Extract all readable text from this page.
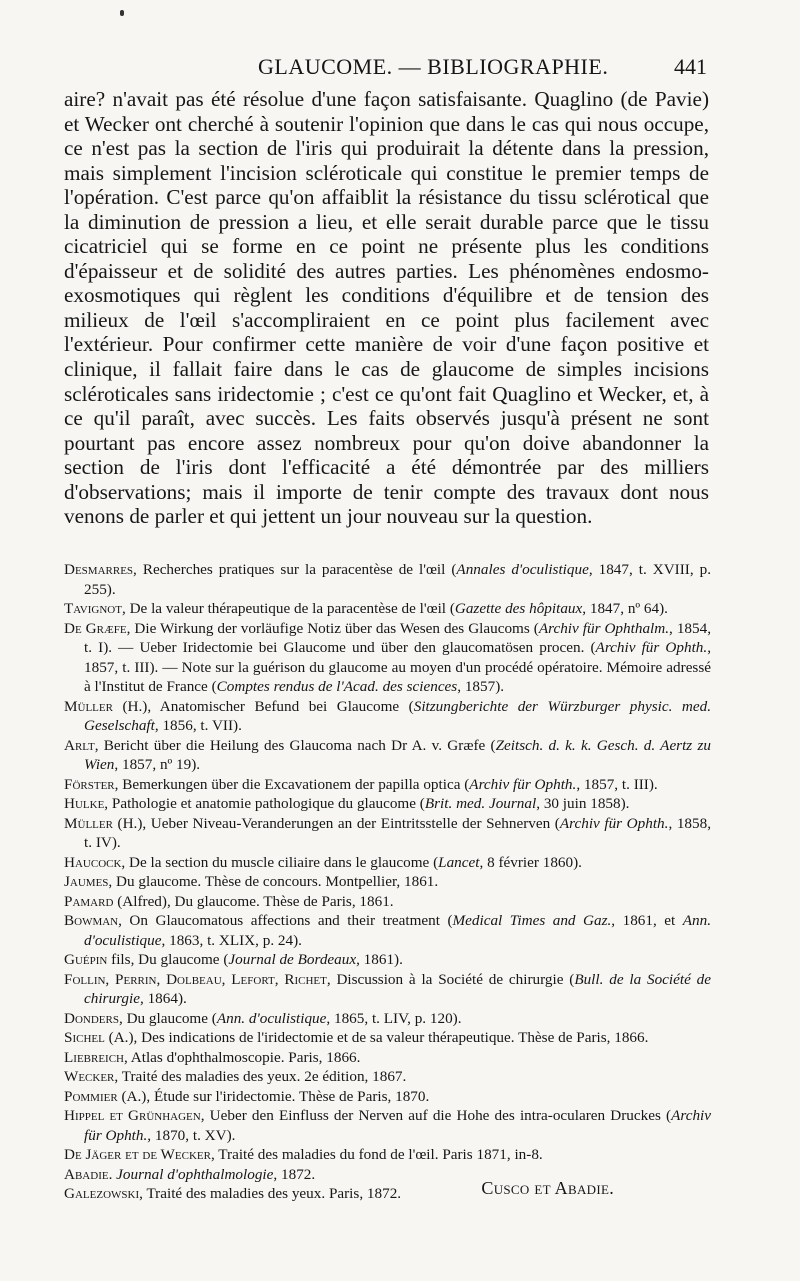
GLAUCOME. — BIBLIOGRAPHIE.	441

aire? n'avait pas été résolue d'une façon satisfaisante. Quaglino (de Pavie) et Wecker ont cherché à soutenir l'opinion que dans le cas qui nous occupe, ce n'est pas la section de l'iris qui produirait la détente dans la pression, mais simplement l'incision scléroticale qui constitue le premier temps de l'opération. C'est parce qu'on affaiblit la résistance du tissu sclérotical que la diminution de pression a lieu, et elle serait durable parce que le tissu cicatriciel qui se forme en ce point ne présente plus les conditions d'épaisseur et de solidité des autres parties. Les phénomènes endosmo-exosmotiques qui règlent les conditions d'équilibre et de tension des milieux de l'œil s'accompliraient en ce point plus facilement avec l'extérieur. Pour confirmer cette manière de voir d'une façon positive et clinique, il fallait faire dans le cas de glaucome de simples incisions scléroticales sans iridectomie ; c'est ce qu'ont fait Quaglino et Wecker, et, à ce qu'il paraît, avec succès. Les faits observés jusqu'à présent ne sont pourtant pas encore assez nombreux pour qu'on doive abandonner la section de l'iris dont l'efficacité a été démontrée par des milliers d'observations; mais il importe de tenir compte des travaux dont nous venons de parler et qui jettent un jour nouveau sur la question.

Desmarres, Recherches pratiques sur la paracentèse de l'œil (Annales d'oculistique, 1847, t. XVIII, p. 255).
Tavignot, De la valeur thérapeutique de la paracentèse de l'œil (Gazette des hôpitaux, 1847, nº 64).
De Græfe, Die Wirkung der vorläufige Notiz über das Wesen des Glaucoms (Archiv für Ophthalm., 1854, t. I). — Ueber Iridectomie bei Glaucome und über den glaucomatösen procen. (Archiv für Ophth., 1857, t. III). — Note sur la guérison du glaucome au moyen d'un procédé opératoire. Mémoire adressé à l'Institut de France (Comptes rendus de l'Acad. des sciences, 1857).
Müller (H.), Anatomischer Befund bei Glaucome (Sitzungberichte der Würzburger physic. med. Geselschaft, 1856, t. VII).
Arlt, Bericht über die Heilung des Glaucoma nach Dr A. v. Græfe (Zeitsch. d. k. k. Gesch. d. Aertz zu Wien, 1857, nº 19).
Förster, Bemerkungen über die Excavationem der papilla optica (Archiv für Ophth., 1857, t. III).
Hulke, Pathologie et anatomie pathologique du glaucome (Brit. med. Journal, 30 juin 1858).
Müller (H.), Ueber Niveau-Veranderungen an der Eintritsstelle der Sehnerven (Archiv für Ophth., 1858, t. IV).
Haucock, De la section du muscle ciliaire dans le glaucome (Lancet, 8 février 1860).
Jaumes, Du glaucome. Thèse de concours. Montpellier, 1861.
Pamard (Alfred), Du glaucome. Thèse de Paris, 1861.
Bowman, On Glaucomatous affections and their treatment (Medical Times and Gaz., 1861, et Ann. d'oculistique, 1863, t. XLIX, p. 24).
Guépin fils, Du glaucome (Journal de Bordeaux, 1861).
Follin, Perrin, Dolbeau, Lefort, Richet, Discussion à la Société de chirurgie (Bull. de la Société de chirurgie, 1864).
Donders, Du glaucome (Ann. d'oculistique, 1865, t. LIV, p. 120).
Sichel (A.), Des indications de l'iridectomie et de sa valeur thérapeutique. Thèse de Paris, 1866.
Liebreich, Atlas d'ophthalmoscopie. Paris, 1866.
Wecker, Traité des maladies des yeux. 2e édition, 1867.
Pommier (A.), Étude sur l'iridectomie. Thèse de Paris, 1870.
Hippel et Grünhagen, Ueber den Einfluss der Nerven auf die Hohe des intra-ocularen Druckes (Archiv für Ophth., 1870, t. XV).
De Jäger et de Wecker, Traité des maladies du fond de l'œil. Paris 1871, in-8.
Abadie. Journal d'ophthalmologie, 1872.
Galezowski, Traité des maladies des yeux. Paris, 1872.	Cusco et Abadie.
